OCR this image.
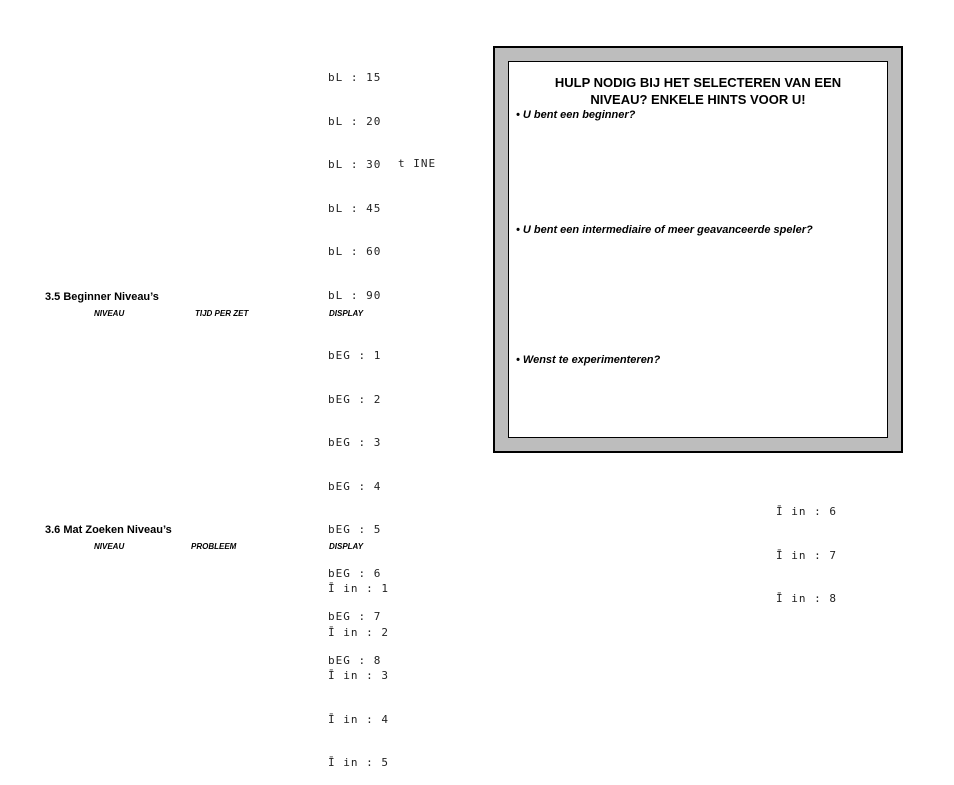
bL : 15

bL : 20

bL : 30

bL : 45

bL : 60

bL : 90

t INE
3.5 Beginner Niveau’s
NIVEAU	TIJD PER ZET	DISPLAY

bEG : 1

bEG : 2

bEG : 3

bEG : 4

bEG : 5

bEG : 6

bEG : 7

bEG : 8

3.6 Mat Zoeken Niveau’s
NIVEAU	PROBLEEM	DISPLAY

Ī in : 1

Ī in : 2

Ī in : 3

Ī in : 4

Ī in : 5

Ī in : 6

Ī in : 7

Ī in : 8

HULP NODIG BIJ HET SELECTEREN VAN EEN NIVEAU? ENKELE HINTS VOOR U!
• U bent een beginner?
• U bent een intermediaire of meer geavanceerde speler?
• Wenst te experimenteren?
